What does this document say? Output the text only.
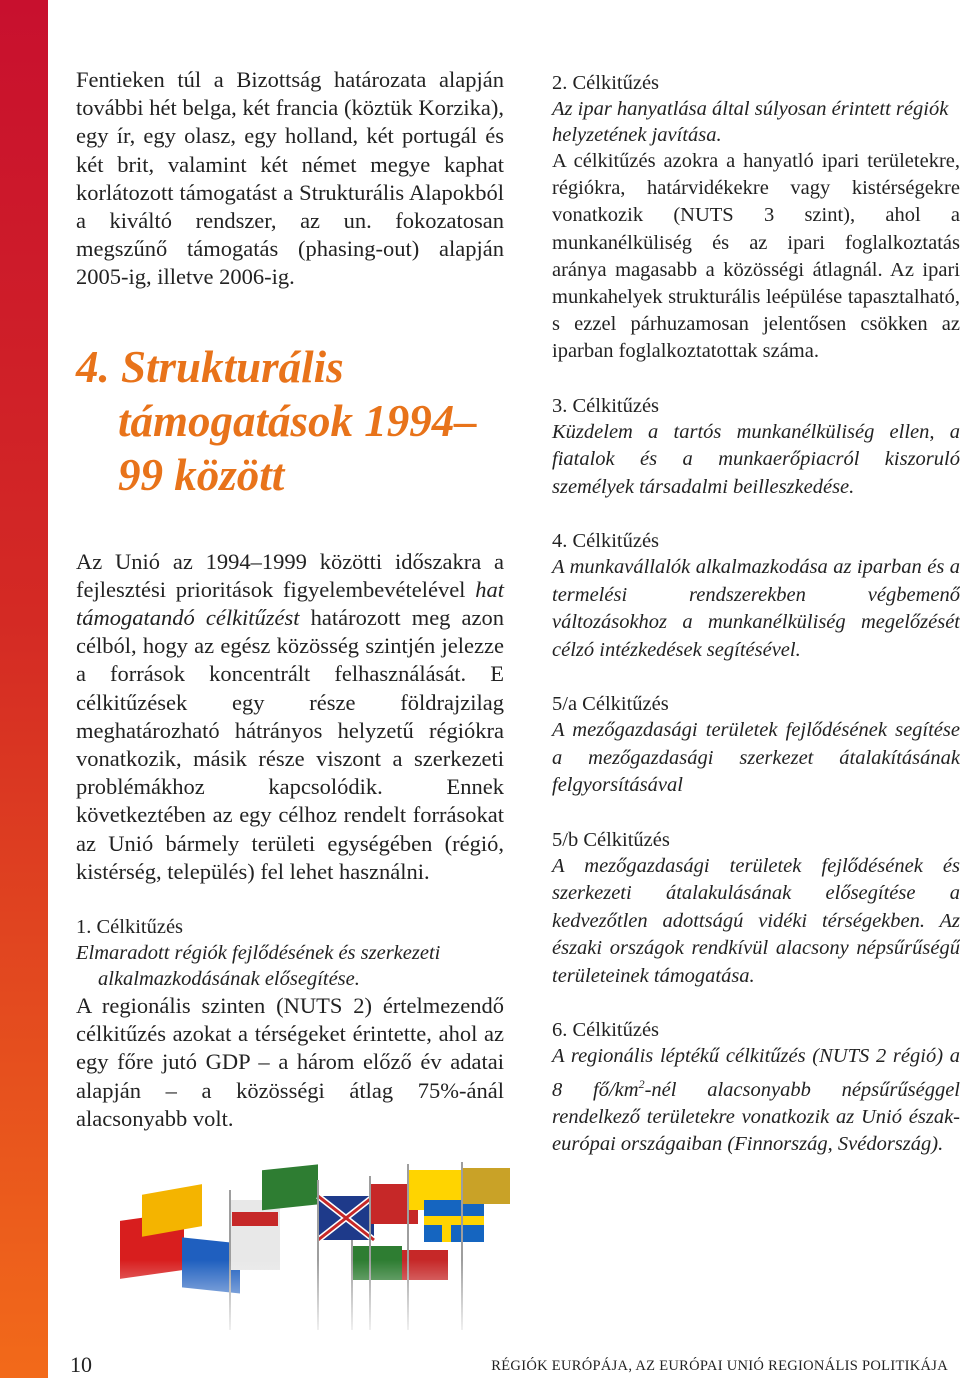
Fentieken túl a Bizottság határozata alapján további hét belga, két francia (köztük Korzika), egy ír, egy olasz, egy holland, két portugál és két brit, valamint két német megye kaphat korlátozott támogatást a Strukturális Alapokból a kiváltó rendszer, az un. fokozatosan megszűnő támogatás (phasing-out) alapján 2005-ig, illetve 2006-ig.

4. Strukturális támogatások 1994–99 között

Az Unió az 1994–1999 közötti időszakra a fejlesztési prioritások figyelembevételével hat támogatandó célkitűzést határozott meg azon célból, hogy az egész közösség szintjén jelezze a források koncentrált felhasználását. E célkitűzések egy része földrajzilag meghatározható hátrányos helyzetű régiókra vonatkozik, másik része viszont a szerkezeti problémákhoz kapcsolódik. Ennek következtében az egy célhoz rendelt forrásokat az Unió bármely területi egységében (régió, kistérség, település) fel lehet használni.

1. Célkitűzés
Elmaradott régiók fejlődésének és szerkezeti alkalmazkodásának elősegítése.

A regionális szinten (NUTS 2) értelmezendő célkitűzés azokat a térségeket érintette, ahol az egy főre jutó GDP – a három előző év adatai alapján – a közösségi átlag 75%-ánál alacsonyabb volt.

2. Célkitűzés
Az ipar hanyatlása által súlyosan érintett régiók helyzetének javítása.

A célkitűzés azokra a hanyatló ipari területekre, régiókra, határvidékekre vagy kistérségekre vonatkozik (NUTS 3 szint), ahol a munkanélküliség és az ipari foglalkoztatás aránya magasabb a közösségi átlagnál. Az ipari munkahelyek strukturális leépülése tapasztalható, s ezzel párhuzamosan jelentősen csökken az iparban foglalkoztatottak száma.

3. Célkitűzés
Küzdelem a tartós munkanélküliség ellen, a fiatalok és a munkaerőpiacról kiszoruló személyek társadalmi beilleszkedése.
4. Célkitűzés
A munkavállalók alkalmazkodása az iparban és a termelési rendszerekben végbemenő változásokhoz a munkanélküliség megelőzését célzó intézkedések segítésével.
5/a Célkitűzés
A mezőgazdasági területek fejlődésének segítése a mezőgazdasági szerkezet átalakításának felgyorsításával
5/b Célkitűzés
A mezőgazdasági területek fejlődésének és szerkezeti átalakulásának elősegítése a kedvezőtlen adottságú vidéki térségekben. Az északi országok rendkívül alacsony népsűrűségű területeinek támogatása.
6. Célkitűzés
A regionális léptékű célkitűzés (NUTS 2 régió) a 8 $fő/km^2$-nél alacsonyabb népsűrűséggel rendelkező területekre vonatkozik az Unió észak-európai országaiban (Finnország, Svédország).
10	RÉGIÓK EURÓPÁJA, AZ EURÓPAI UNIÓ REGIONÁLIS POLITIKÁJA
